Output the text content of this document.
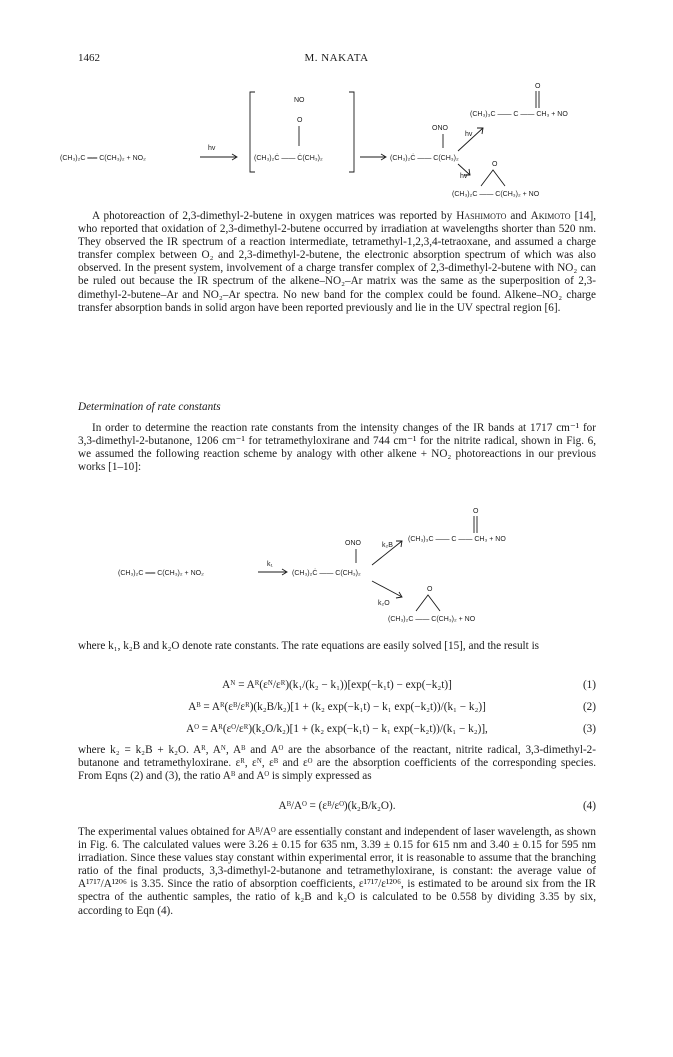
1462	M. NAKATA
(CH₃)₂C ══ C(CH₃)₂ + NO₂
hv
NO
O
(CH₃)₂Ċ —— Ċ(CH₃)₂
ONO
(CH₃)₂Ċ —— C(CH₃)₂
hv
O
(CH₃)₃C —— C —— CH₃ + NO
hv
O
(CH₃)₂C —— C(CH₃)₂ + NO

A photoreaction of 2,3-dimethyl-2-butene in oxygen matrices was reported by Hashimoto and Akimoto [14], who reported that oxidation of 2,3-dimethyl-2-butene occurred by irradiation at wavelengths shorter than 520 nm. They observed the IR spectrum of a reaction intermediate, tetramethyl-1,2,3,4-tetraoxane, and assumed a charge transfer complex between O₂ and 2,3-dimethyl-2-butene, the electronic absorption spectrum of which was also observed. In the present system, involvement of a charge transfer complex of 2,3-dimethyl-2-butene with NO₂ can be ruled out because the IR spectrum of the alkene–NO₂–Ar matrix was the same as the superposition of 2,3-dimethyl-2-butene–Ar and NO₂–Ar spectra. No new band for the complex could be found. Alkene–NO₂ charge transfer absorption bands in solid argon have been reported previously and lie in the UV spectral region [6].

Determination of rate constants

In order to determine the reaction rate constants from the intensity changes of the IR bands at 1717 cm⁻¹ for 3,3-dimethyl-2-butanone, 1206 cm⁻¹ for tetramethyloxirane and 744 cm⁻¹ for the nitrite radical, shown in Fig. 6, we assumed the following reaction scheme by analogy with other alkene + NO₂ photoreactions in our previous works [1–10]:

(CH₃)₂C ══ C(CH₃)₂ + NO₂
k₁
ONO
(CH₃)₂Ċ —— C(CH₃)₂
k₂B
O
(CH₃)₃C —— C —— CH₃ + NO
k₂O
O
(CH₃)₂C —— C(CH₃)₂ + NO

where k₁, k₂B and k₂O denote rate constants. The rate equations are easily solved [15], and the result is

Aᴺ = Aᴿ(εᴺ/εᴿ)(k₁/(k₂ − k₁))[exp(−k₁t) − exp(−k₂t)]	(1)
Aᴮ = Aᴿ(εᴮ/εᴿ)(k₂B/k₂)[1 + (k₂ exp(−k₁t) − k₁ exp(−k₂t))/(k₁ − k₂)]	(2)
Aᴼ = Aᴿ(εᴼ/εᴿ)(k₂O/k₂)[1 + (k₂ exp(−k₁t) − k₁ exp(−k₂t))/(k₁ − k₂)],	(3)

where k₂ = k₂B + k₂O. Aᴿ, Aᴺ, Aᴮ and Aᴼ are the absorbance of the reactant, nitrite radical, 3,3-dimethyl-2-butanone and tetramethyloxirane. εᴿ, εᴺ, εᴮ and εᴼ are the absorption coefficients of the corresponding species. From Eqns (2) and (3), the ratio Aᴮ and Aᴼ is simply expressed as

Aᴮ/Aᴼ = (εᴮ/εᴼ)(k₂B/k₂O).	(4)

The experimental values obtained for Aᴮ/Aᴼ are essentially constant and independent of laser wavelength, as shown in Fig. 6. The calculated values were 3.26 ± 0.15 for 635 nm, 3.39 ± 0.15 for 615 nm and 3.40 ± 0.15 for 595 nm irradiation. Since these values stay constant within experimental error, it is reasonable to assume that the branching ratio of the final products, 3,3-dimethyl-2-butanone and tetramethyloxirane, is constant: the average value of A¹⁷¹⁷/A¹²⁰⁶ is 3.35. Since the ratio of absorption coefficients, ε¹⁷¹⁷/ε¹²⁰⁶, is estimated to be around six from the IR spectra of the authentic samples, the ratio of k₂B and k₂O is calculated to be 0.558 by dividing 3.35 by six, according to Eqn (4).
